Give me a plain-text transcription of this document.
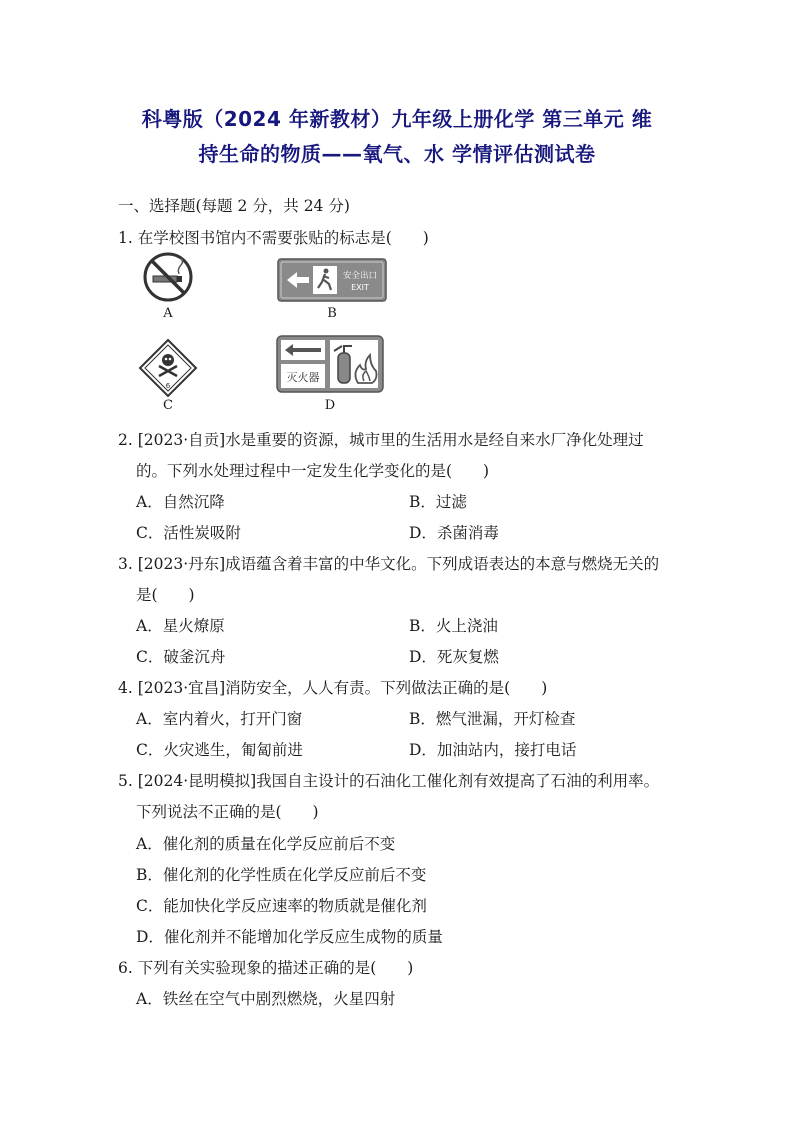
科粤版（2024 年新教材）九年级上册化学 第三单元 维
持生命的物质——氧气、水 学情评估测试卷
一、选择题(每题 2 分，共 24 分)
1. 在学校图书馆内不需要张贴的标志是(　　)
A
安全出口
EXIT
B
6
C
灭火器
D
2. [2023·自贡]水是重要的资源，城市里的生活用水是经自来水厂净化处理过
的。下列水处理过程中一定发生化学变化的是(　　)
A．自然沉降	B．过滤
C．活性炭吸附	D．杀菌消毒
3. [2023·丹东]成语蕴含着丰富的中华文化。下列成语表达的本意与燃烧无关的
是(　　)
A．星火燎原	B．火上浇油
C．破釜沉舟	D．死灰复燃
4. [2023·宜昌]消防安全，人人有责。下列做法正确的是(　　)
A．室内着火，打开门窗	B．燃气泄漏，开灯检查
C．火灾逃生，匍匐前进	D．加油站内，接打电话
5. [2024·昆明模拟]我国自主设计的石油化工催化剂有效提高了石油的利用率。
下列说法不正确的是(　　)
A．催化剂的质量在化学反应前后不变
B．催化剂的化学性质在化学反应前后不变
C．能加快化学反应速率的物质就是催化剂
D．催化剂并不能增加化学反应生成物的质量
6. 下列有关实验现象的描述正确的是(　　)
A．铁丝在空气中剧烈燃烧，火星四射
